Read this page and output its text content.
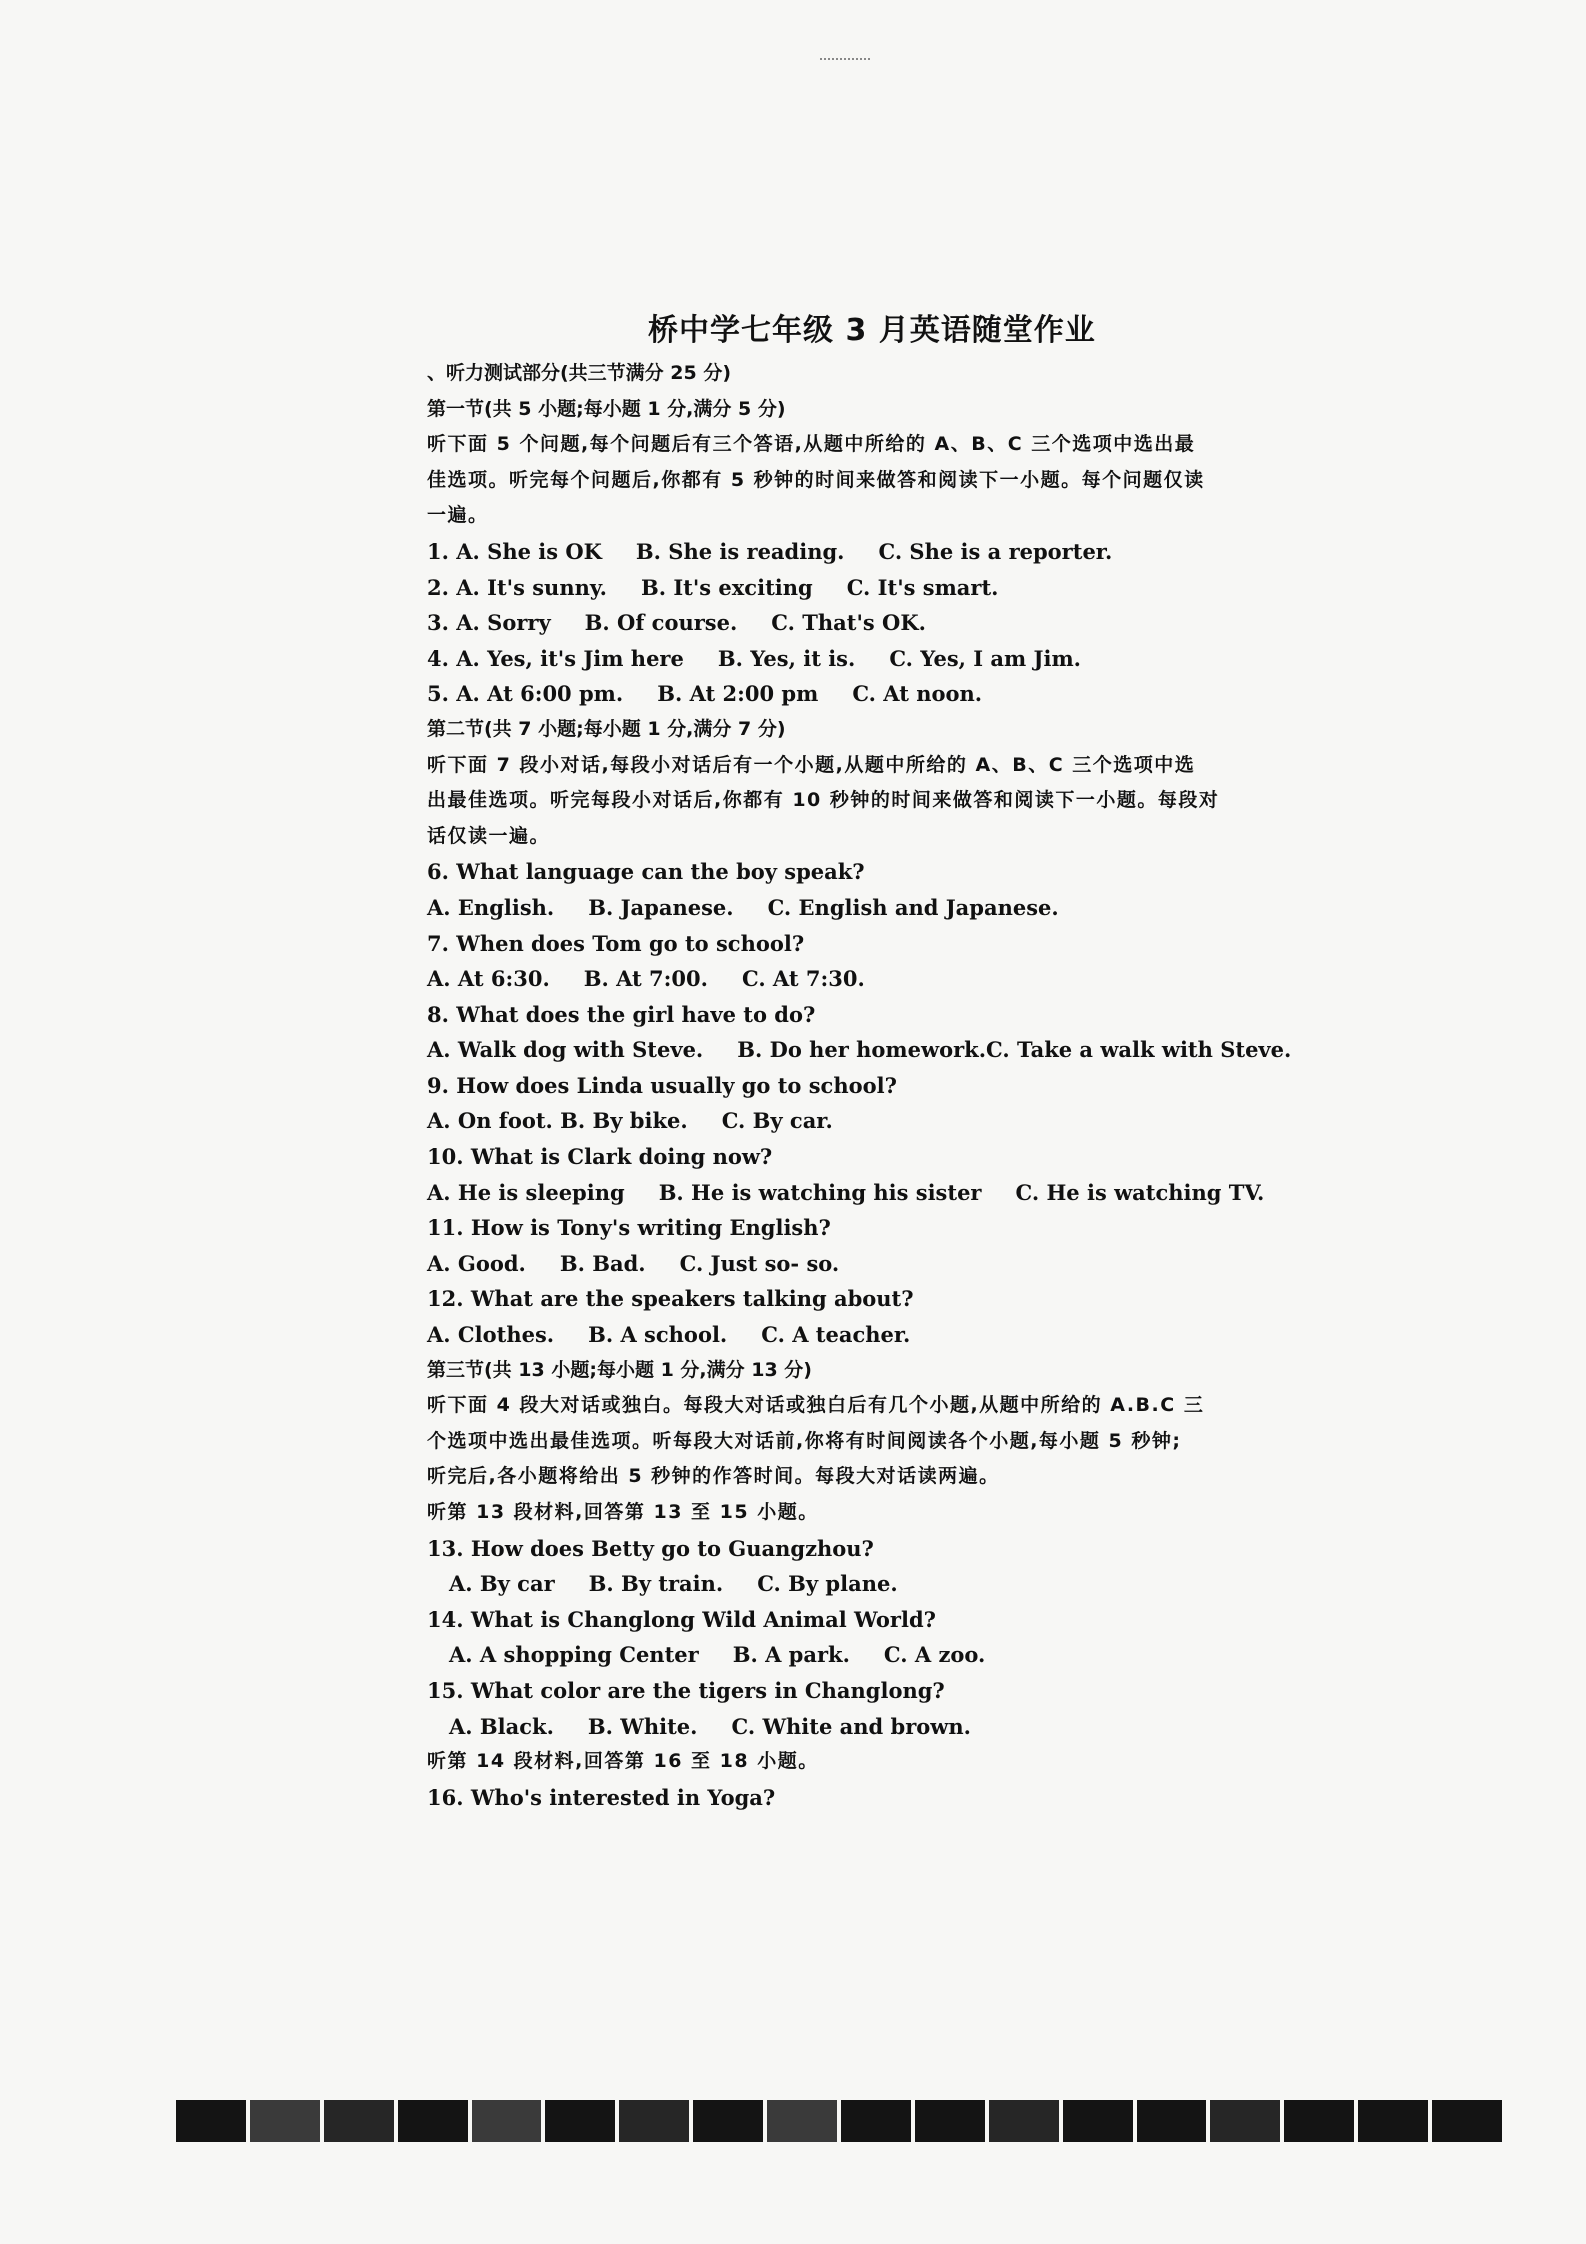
桥中学七年级 3 月英语随堂作业
、听力测试部分(共三节满分 25 分)
第一节(共 5 小题;每小题 1 分,满分 5 分)
听下面 5 个问题,每个问题后有三个答语,从题中所给的 A、B、C 三个选项中选出最
佳选项。听完每个问题后,你都有 5 秒钟的时间来做答和阅读下一小题。每个问题仅读
一遍。
1. A. She is OK B. She is reading. C. She is a reporter.
2. A. It's sunny. B. It's exciting C. It's smart.
3. A. Sorry B. Of course. C. That's OK.
4. A. Yes, it's Jim here B. Yes, it is. C. Yes, I am Jim.
5. A. At 6:00 pm. B. At 2:00 pm C. At noon.
第二节(共 7 小题;每小题 1 分,满分 7 分)
听下面 7 段小对话,每段小对话后有一个小题,从题中所给的 A、B、C 三个选项中选
出最佳选项。听完每段小对话后,你都有 10 秒钟的时间来做答和阅读下一小题。每段对
话仅读一遍。
6. What language can the boy speak?
A. English. B. Japanese. C. English and Japanese.
7. When does Tom go to school?
A. At 6:30. B. At 7:00. C. At 7:30.
8. What does the girl have to do?
A. Walk dog with Steve. B. Do her homework.C. Take a walk with Steve.
9. How does Linda usually go to school?
A. On foot. B. By bike. C. By car.
10. What is Clark doing now?
A. He is sleeping B. He is watching his sister C. He is watching TV.
11. How is Tony's writing English?
A. Good. B. Bad. C. Just so- so.
12. What are the speakers talking about?
A. Clothes. B. A school. C. A teacher.
第三节(共 13 小题;每小题 1 分,满分 13 分)
听下面 4 段大对话或独白。每段大对话或独白后有几个小题,从题中所给的 A.B.C 三
个选项中选出最佳选项。听每段大对话前,你将有时间阅读各个小题,每小题 5 秒钟;
听完后,各小题将给出 5 秒钟的作答时间。每段大对话读两遍。
听第 13 段材料,回答第 13 至 15 小题。
13. How does Betty go to Guangzhou?
A. By car B. By train. C. By plane.
14. What is Changlong Wild Animal World?
A. A shopping Center B. A park. C. A zoo.
15. What color are the tigers in Changlong?
A. Black. B. White. C. White and brown.
听第 14 段材料,回答第 16 至 18 小题。
16. Who's interested in Yoga?
